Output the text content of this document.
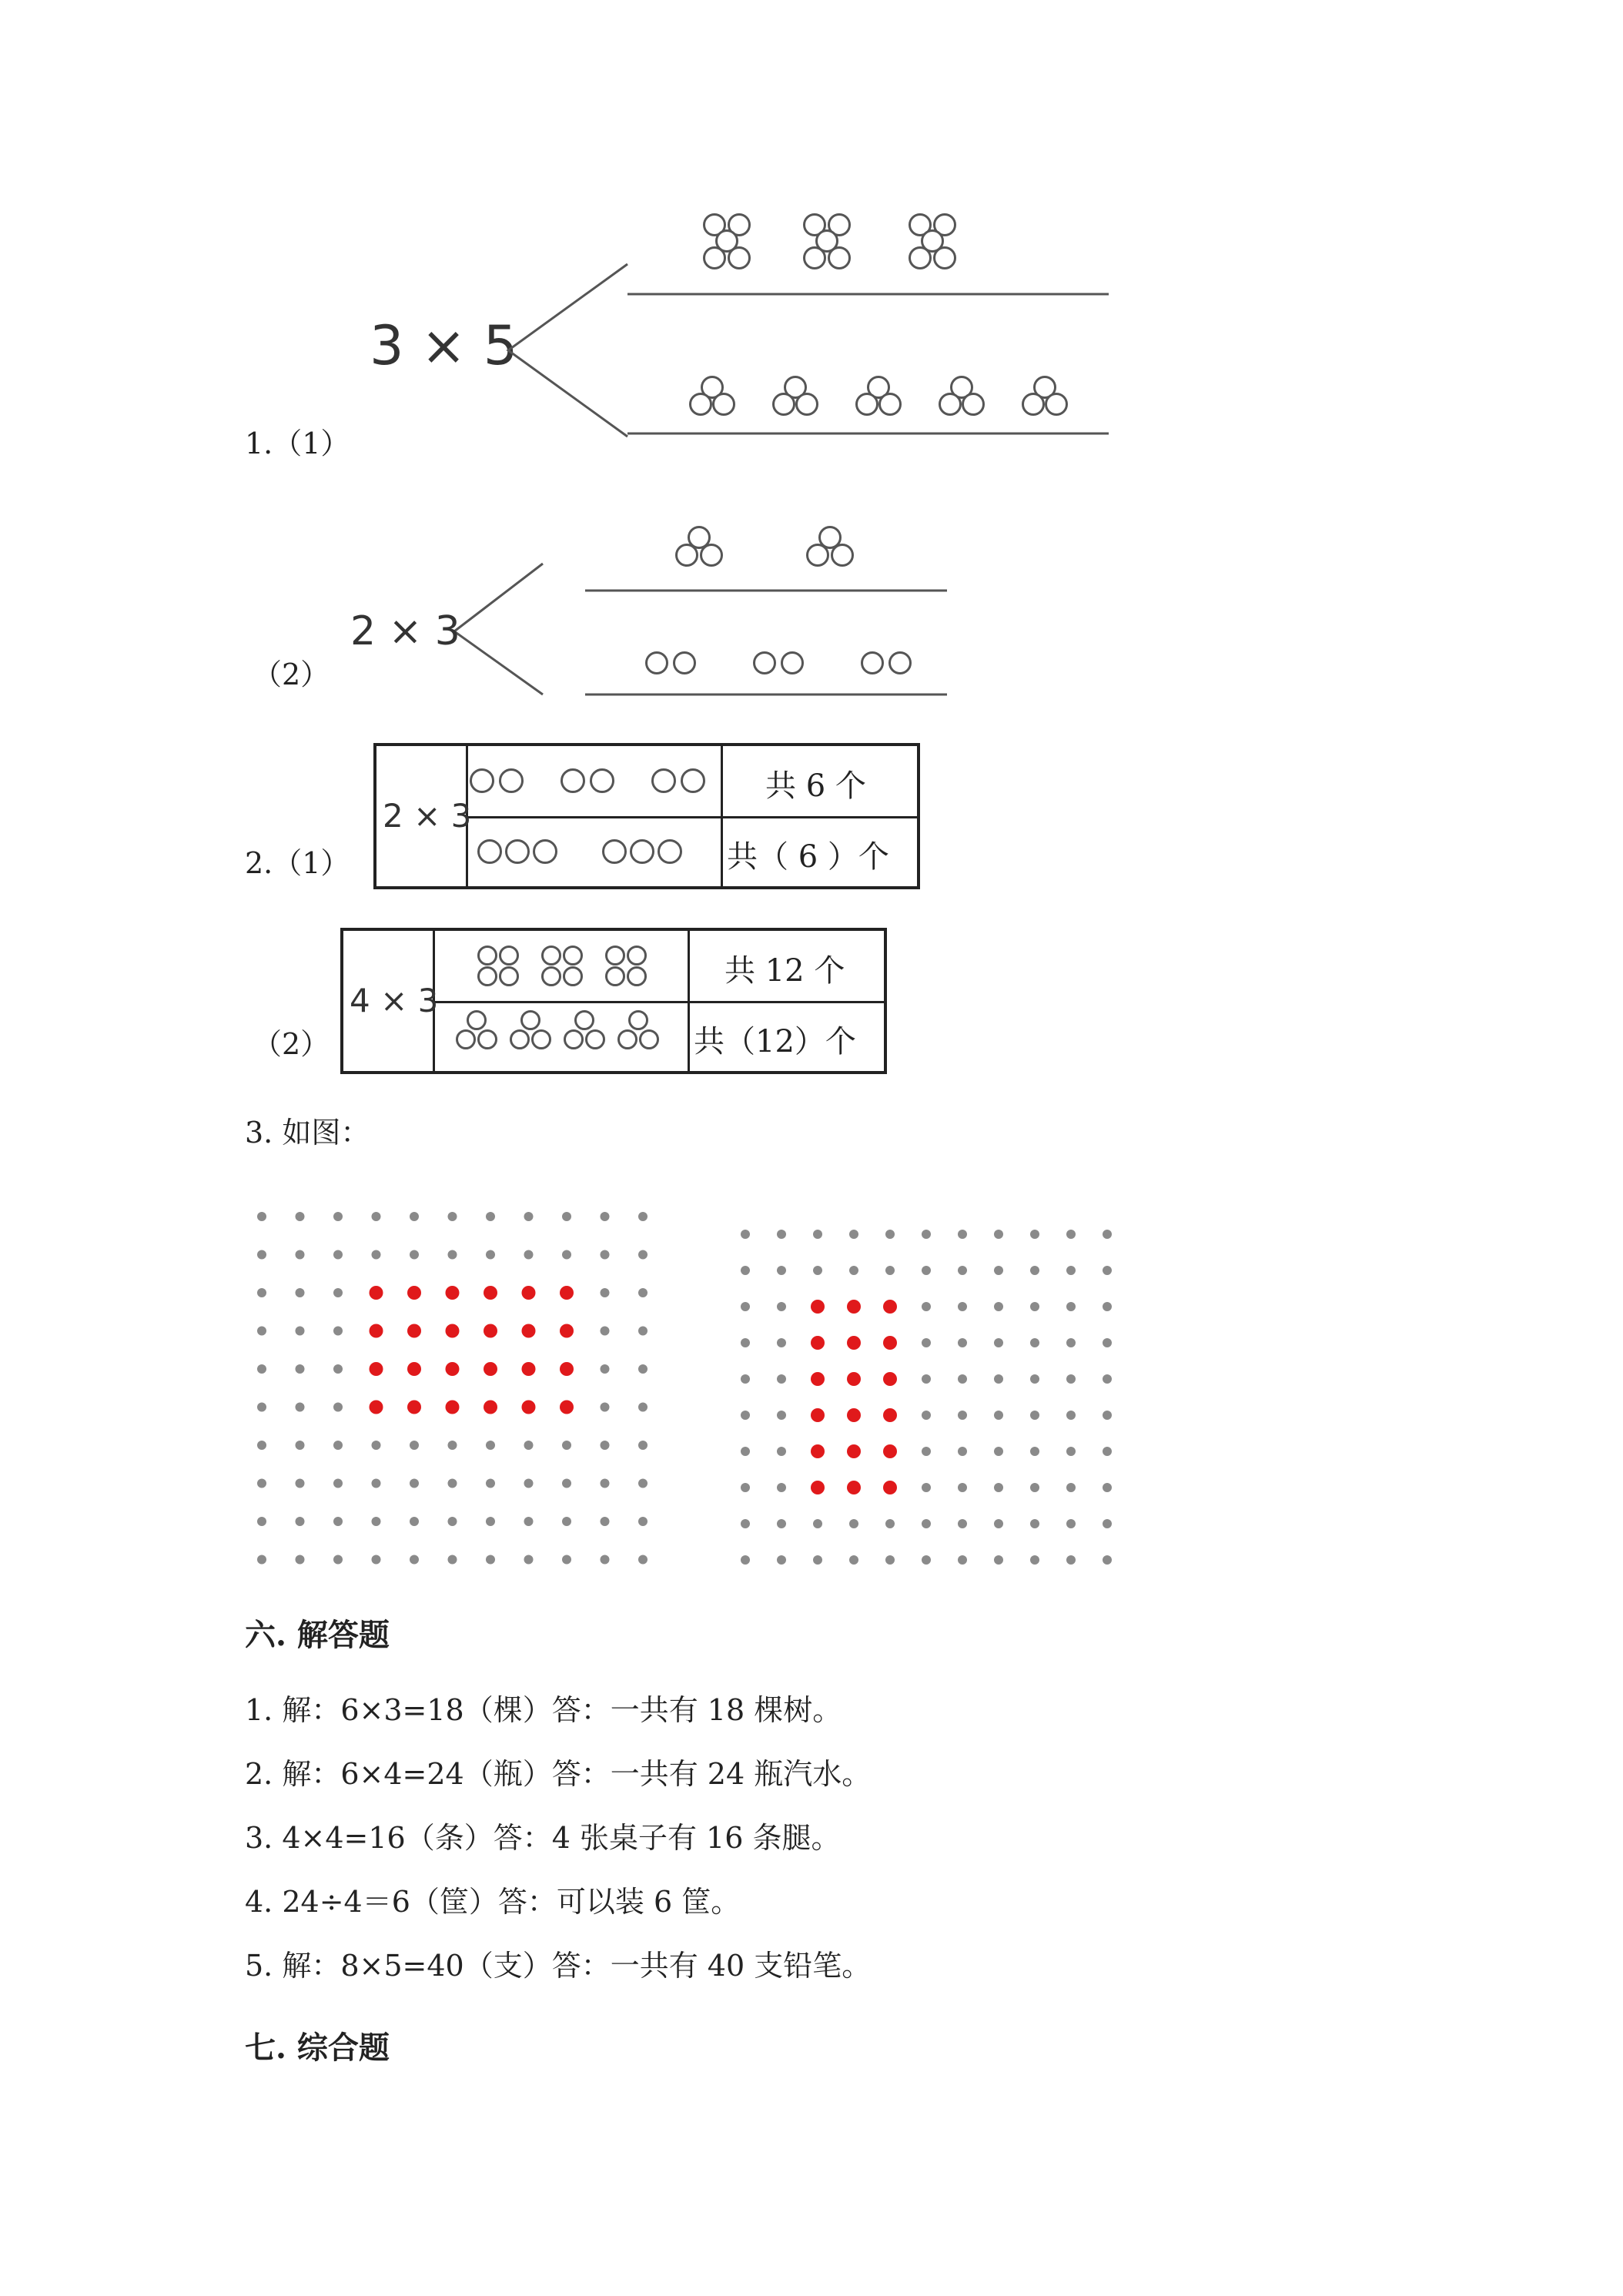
1.（1）
3 × 5
（2）
2 × 3
2.（1）
2 × 3
共 6 个
共（ 6 ）个
（2）
4 × 3
共 12 个
共（12）个
3. 如图：
六. 解答题
1. 解：6×3=18（棵）答：一共有 18 棵树。
2. 解：6×4=24（瓶）答：一共有 24 瓶汽水。
3. 4×4=16（条）答：4 张桌子有 16 条腿。
4. 24÷4＝6（筐）答：可以装 6 筐。
5. 解：8×5=40（支）答：一共有 40 支铅笔。
七. 综合题
